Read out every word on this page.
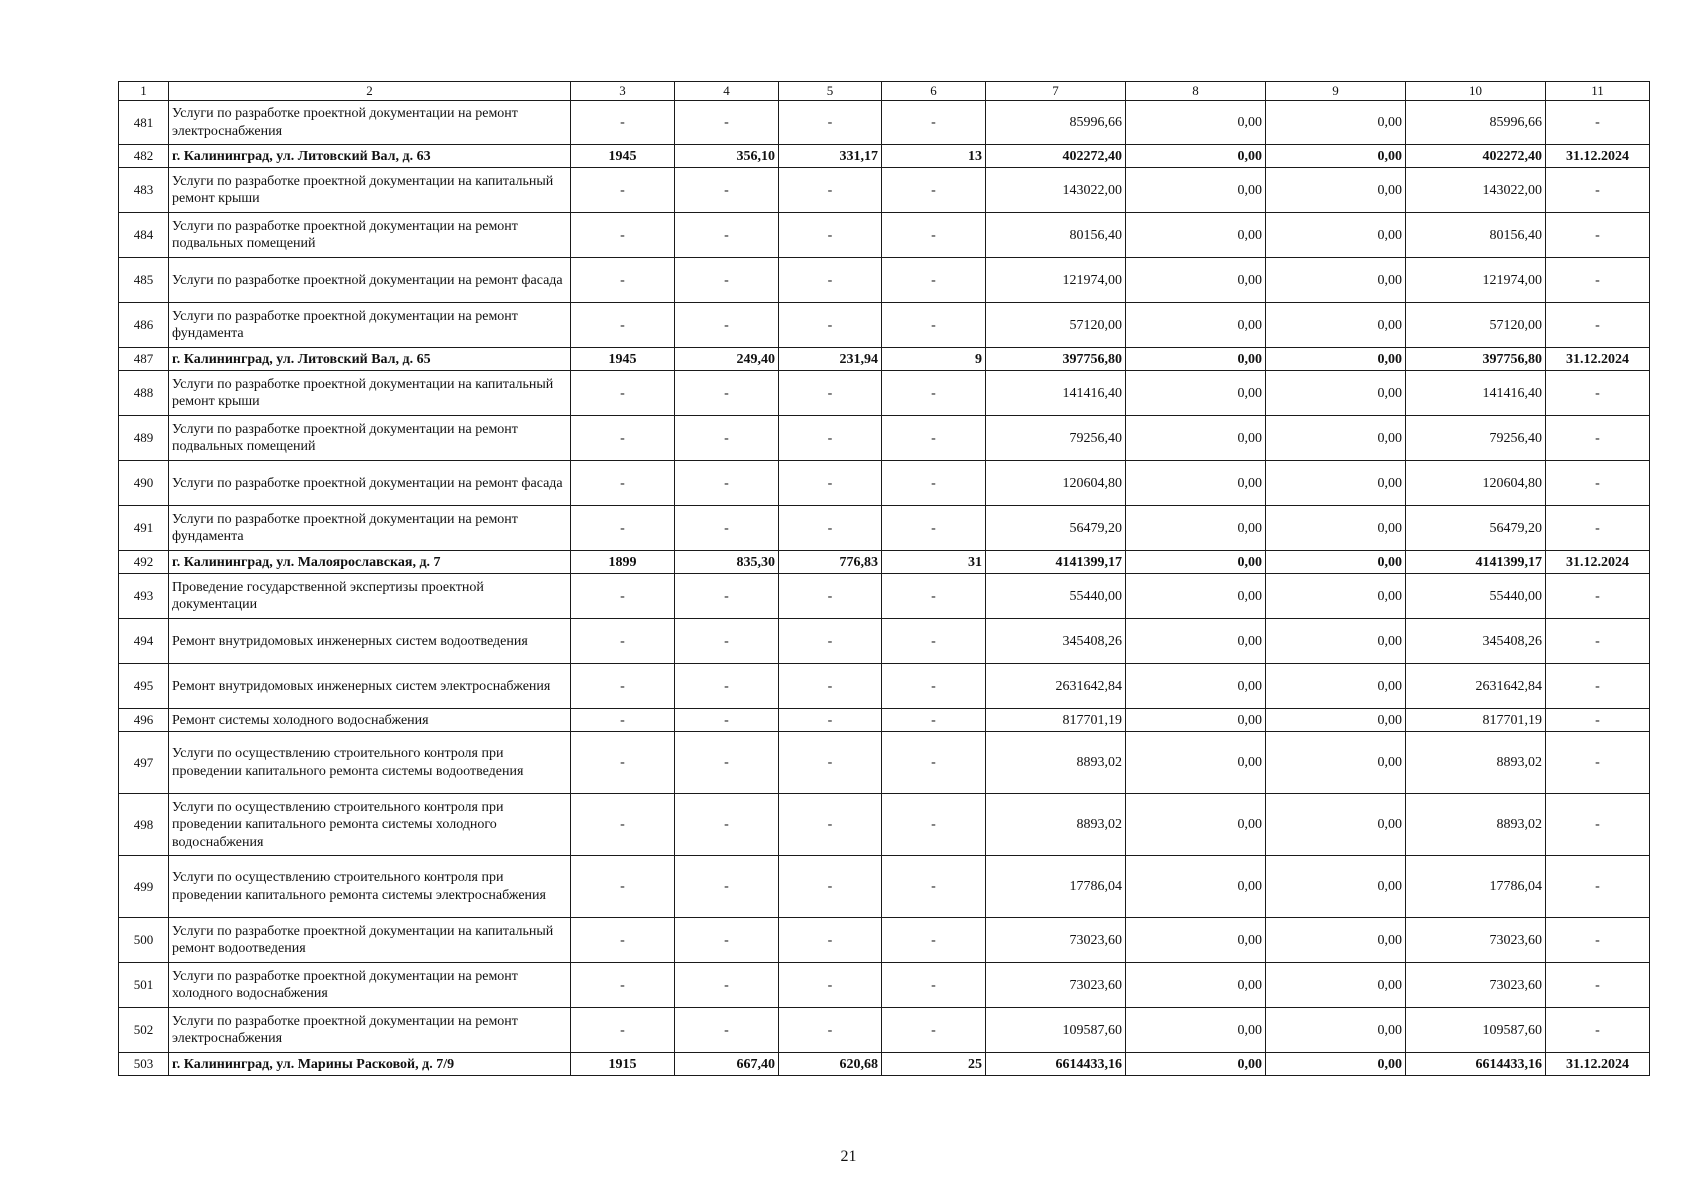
1	2	3	4	5	6	7	8	9	10	11
481	Услуги по разработке проектной документации на ремонт электроснабжения	-	-	-	-	85996,66	0,00	0,00	85996,66	-
482	г. Калининград, ул. Литовский Вал, д. 63	1945	356,10	331,17	13	402272,40	0,00	0,00	402272,40	31.12.2024
483	Услуги по разработке проектной документации на капитальный ремонт крыши	-	-	-	-	143022,00	0,00	0,00	143022,00	-
484	Услуги по разработке проектной документации на ремонт подвальных помещений	-	-	-	-	80156,40	0,00	0,00	80156,40	-
485	Услуги по разработке проектной документации на ремонт фасада	-	-	-	-	121974,00	0,00	0,00	121974,00	-
486	Услуги по разработке проектной документации на ремонт фундамента	-	-	-	-	57120,00	0,00	0,00	57120,00	-
487	г. Калининград, ул. Литовский Вал, д. 65	1945	249,40	231,94	9	397756,80	0,00	0,00	397756,80	31.12.2024
488	Услуги по разработке проектной документации на капитальный ремонт крыши	-	-	-	-	141416,40	0,00	0,00	141416,40	-
489	Услуги по разработке проектной документации на ремонт подвальных помещений	-	-	-	-	79256,40	0,00	0,00	79256,40	-
490	Услуги по разработке проектной документации на ремонт фасада	-	-	-	-	120604,80	0,00	0,00	120604,80	-
491	Услуги по разработке проектной документации на ремонт фундамента	-	-	-	-	56479,20	0,00	0,00	56479,20	-
492	г. Калининград, ул. Малоярославская, д. 7	1899	835,30	776,83	31	4141399,17	0,00	0,00	4141399,17	31.12.2024
493	Проведение государственной экспертизы проектной документации	-	-	-	-	55440,00	0,00	0,00	55440,00	-
494	Ремонт внутридомовых инженерных систем водоотведения	-	-	-	-	345408,26	0,00	0,00	345408,26	-
495	Ремонт внутридомовых инженерных систем электроснабжения	-	-	-	-	2631642,84	0,00	0,00	2631642,84	-
496	Ремонт системы холодного водоснабжения	-	-	-	-	817701,19	0,00	0,00	817701,19	-
497	Услуги по осуществлению строительного контроля при проведении капитального ремонта системы водоотведения	-	-	-	-	8893,02	0,00	0,00	8893,02	-
498	Услуги по осуществлению строительного контроля при проведении капитального ремонта системы холодного водоснабжения	-	-	-	-	8893,02	0,00	0,00	8893,02	-
499	Услуги по осуществлению строительного контроля при проведении капитального ремонта системы электроснабжения	-	-	-	-	17786,04	0,00	0,00	17786,04	-
500	Услуги по разработке проектной документации на капитальный ремонт водоотведения	-	-	-	-	73023,60	0,00	0,00	73023,60	-
501	Услуги по разработке проектной документации на ремонт холодного водоснабжения	-	-	-	-	73023,60	0,00	0,00	73023,60	-
502	Услуги по разработке проектной документации на ремонт электроснабжения	-	-	-	-	109587,60	0,00	0,00	109587,60	-
503	г. Калининград, ул. Марины Расковой, д. 7/9	1915	667,40	620,68	25	6614433,16	0,00	0,00	6614433,16	31.12.2024
21
